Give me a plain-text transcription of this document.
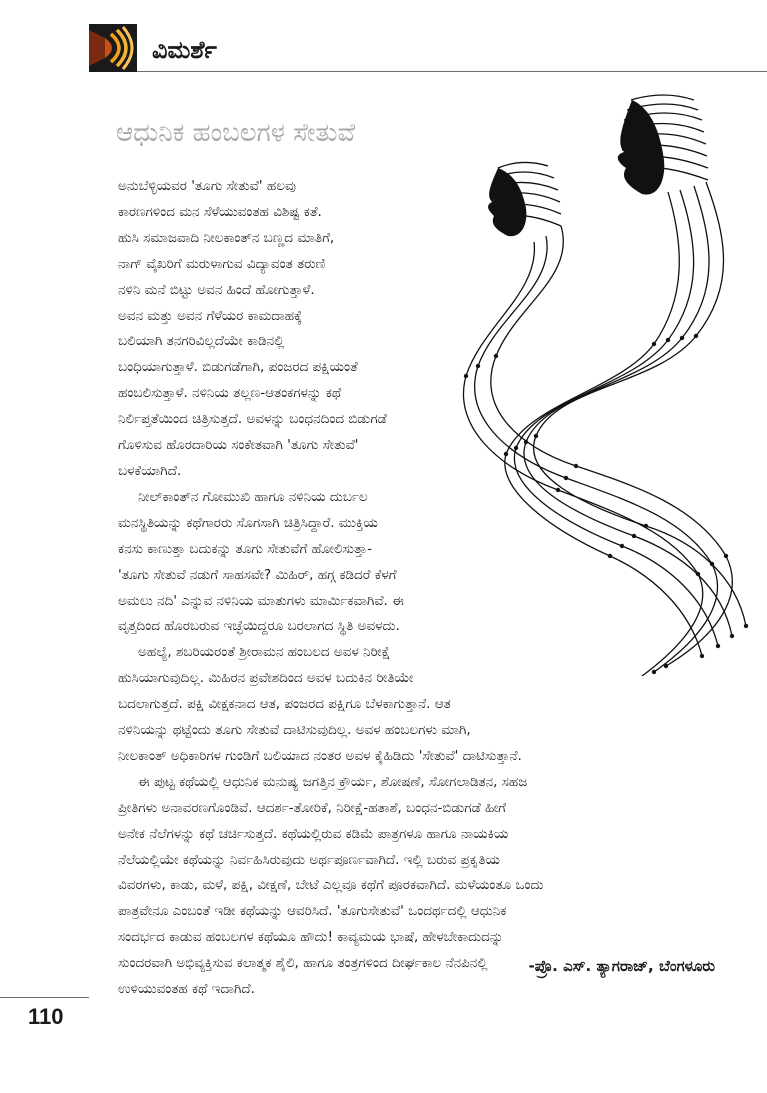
ವಿಮರ್ಶೆ
ಆಧುನಿಕ ಹಂಬಲಗಳ ಸೇತುವೆ

ಅನುಬೆಳ್ಳಿಯವರ 'ತೂಗು ಸೇತುವೆ' ಹಲವು
ಕಾರಣಗಳಿಂದ ಮನ ಸೆಳೆಯುವಂತಹ ವಿಶಿಷ್ಟ ಕತೆ.
ಹುಸಿ ಸಮಾಜವಾದಿ ನೀಲಕಾಂತ್‌ನ ಬಣ್ಣದ ಮಾತಿಗೆ,
ನಾಗ್ ವೈಖರಿಗೆ ಮರುಳಾಗುವ ವಿದ್ಯಾವಂತ ತರುಣಿ
ನಳಿನಿ ಮನೆ ಬಿಟ್ಟು ಅವನ ಹಿಂದೆ ಹೋಗುತ್ತಾಳೆ.
ಅವನ ಮತ್ತು ಅವನ ಗೆಳೆಯರ ಕಾಮದಾಹಕ್ಕೆ
ಬಲಿಯಾಗಿ ತನಗರಿವಿಲ್ಲದೆಯೇ ಕಾಡಿನಲ್ಲಿ
ಬಂಧಿಯಾಗುತ್ತಾಳೆ. ಬಿಡುಗಡೆಗಾಗಿ, ಪಂಜರದ ಪಕ್ಷಿಯಂತೆ
ಹಂಬಲಿಸುತ್ತಾಳೆ. ನಳಿನಿಯ ತಲ್ಲಣ-ಆತಂಕಗಳನ್ನು ಕಥೆ
ನಿರ್ಲಿಪ್ತತೆಯಿಂದ ಚಿತ್ರಿಸುತ್ತದೆ. ಅವಳನ್ನು ಬಂಧನದಿಂದ ಬಿಡುಗಡೆ
ಗೊಳಿಸುವ ಹೊರದಾರಿಯ ಸಂಕೇತವಾಗಿ 'ತೂಗು ಸೇತುವೆ'
ಬಳಕೆಯಾಗಿದೆ.

ನೀಲ್‌ಕಾಂತ್‌ನ ಗೋಮುಖಿ ಹಾಗೂ ನಳಿನಿಯ ದುರ್ಬಲ
ಮನಸ್ಥಿತಿಯನ್ನು ಕಥೆಗಾರರು ಸೊಗಸಾಗಿ ಚಿತ್ರಿಸಿದ್ದಾರೆ. ಮುಕ್ತಿಯ
ಕನಸು ಕಾಣುತ್ತಾ ಬದುಕನ್ನು ತೂಗು ಸೇತುವೆಗೆ ಹೋಲಿಸುತ್ತಾ-
'ತೂಗು ಸೇತುವೆ ನಡುಗೆ ಸಾಹಸವೇ? ಮಿಹಿರ್, ಹಗ್ಗ ಕಡಿದರೆ ಕೆಳಗೆ
ಅಮಲು ನದಿ' ಎನ್ನುವ ನಳಿನಿಯ ಮಾತುಗಳು ಮಾರ್ಮಿಕವಾಗಿವೆ. ಈ
ವೃತ್ತದಿಂದ ಹೊರಬರುವ ಇಚ್ಛೆಯಿದ್ದರೂ ಬರಲಾಗದ ಸ್ಥಿತಿ ಅವಳದು.

ಅಹಲ್ಯೆ, ಶಬರಿಯರಂತೆ ಶ್ರೀರಾಮನ ಹಂಬಲದ ಅವಳ ನಿರೀಕ್ಷೆ
ಹುಸಿಯಾಗುವುದಿಲ್ಲ. ಮಿಹಿರನ ಪ್ರವೇಶದಿಂದ ಅವಳ ಬದುಕಿನ ರೀತಿಯೇ
ಬದಲಾಗುತ್ತದೆ. ಪಕ್ಷಿ ವೀಕ್ಷಕನಾದ ಆತ, ಪಂಜರದ ಪಕ್ಷಿಗೂ ಬೆಳಕಾಗುತ್ತಾನೆ. ಆತ
ನಳಿನಿಯನ್ನು ಥಟ್ಟೆಂದು ತೂಗು ಸೇತುವೆ ದಾಟಿಸುವುದಿಲ್ಲ. ಅವಳ ಹಂಬಲಗಳು ಮಾಗಿ,
ನೀಲಕಾಂತ್ ಅಧಿಕಾರಿಗಳ ಗುಂಡಿಗೆ ಬಲಿಯಾದ ನಂತರ ಅವಳ ಕೈಹಿಡಿದು 'ಸೇತುವೆ' ದಾಟಿಸುತ್ತಾನೆ.

ಈ ಪುಟ್ಟ ಕಥೆಯಲ್ಲಿ ಆಧುನಿಕ ಮನುಷ್ಯ ಜಗತ್ತಿನ ಕ್ರೌರ್ಯ, ಶೋಷಣೆ, ಸೋಗಲಾಡಿತನ, ಸಹಜ
ಪ್ರೀತಿಗಳು ಅನಾವರಣಗೊಂಡಿವೆ. ಆದರ್ಶ-ತೋರಿಕೆ, ನಿರೀಕ್ಷೆ-ಹತಾಶೆ, ಬಂಧನ-ಬಿಡುಗಡೆ ಹೀಗೆ
ಅನೇಕ ನೆಲೆಗಳನ್ನು ಕಥೆ ಚರ್ಚಿಸುತ್ತದೆ. ಕಥೆಯಲ್ಲಿರುವ ಕಡಿಮೆ ಪಾತ್ರಗಳೂ ಹಾಗೂ ನಾಯಕಿಯ
ನೆಲೆಯಲ್ಲಿಯೇ ಕಥೆಯನ್ನು ನಿರ್ವಹಿಸಿರುವುದು ಅರ್ಥಪೂರ್ಣವಾಗಿದೆ. ಇಲ್ಲಿ ಬರುವ ಪ್ರಕೃತಿಯ
ವಿವರಗಳು, ಕಾಡು, ಮಳೆ, ಪಕ್ಷಿ, ವೀಕ್ಷಣೆ, ಬೇಟೆ ಎಲ್ಲವೂ ಕಥೆಗೆ ಪೂರಕವಾಗಿದೆ. ಮಳೆಯಂತೂ ಒಂದು
ಪಾತ್ರವೇನೂ ಎಂಬಂತೆ ಇಡೀ ಕಥೆಯನ್ನು ಆವರಿಸಿದೆ. 'ತೂಗುಸೇತುವೆ' ಒಂದರ್ಥದಲ್ಲಿ ಆಧುನಿಕ
ಸಂದರ್ಭದ ಕಾಡುವ ಹಂಬಲಗಳ ಕಥೆಯೂ ಹೌದು! ಕಾವ್ಯಮಯ ಭಾಷೆ, ಹೇಳಬೇಕಾದುದನ್ನು
ಸುಂದರವಾಗಿ ಅಭಿವ್ಯಕ್ತಿಸುವ ಕಲಾತ್ಮಕ ಶೈಲಿ, ಹಾಗೂ ತಂತ್ರಗಳಿಂದ ದೀರ್ಘಕಾಲ ನೆನಪಿನಲ್ಲಿ
ಉಳಿಯುವಂತಹ ಕಥೆ ಇದಾಗಿದೆ.

-ಪ್ರೊ. ಎಸ್. ತ್ಯಾಗರಾಜ್, ಬೆಂಗಳೂರು
110
